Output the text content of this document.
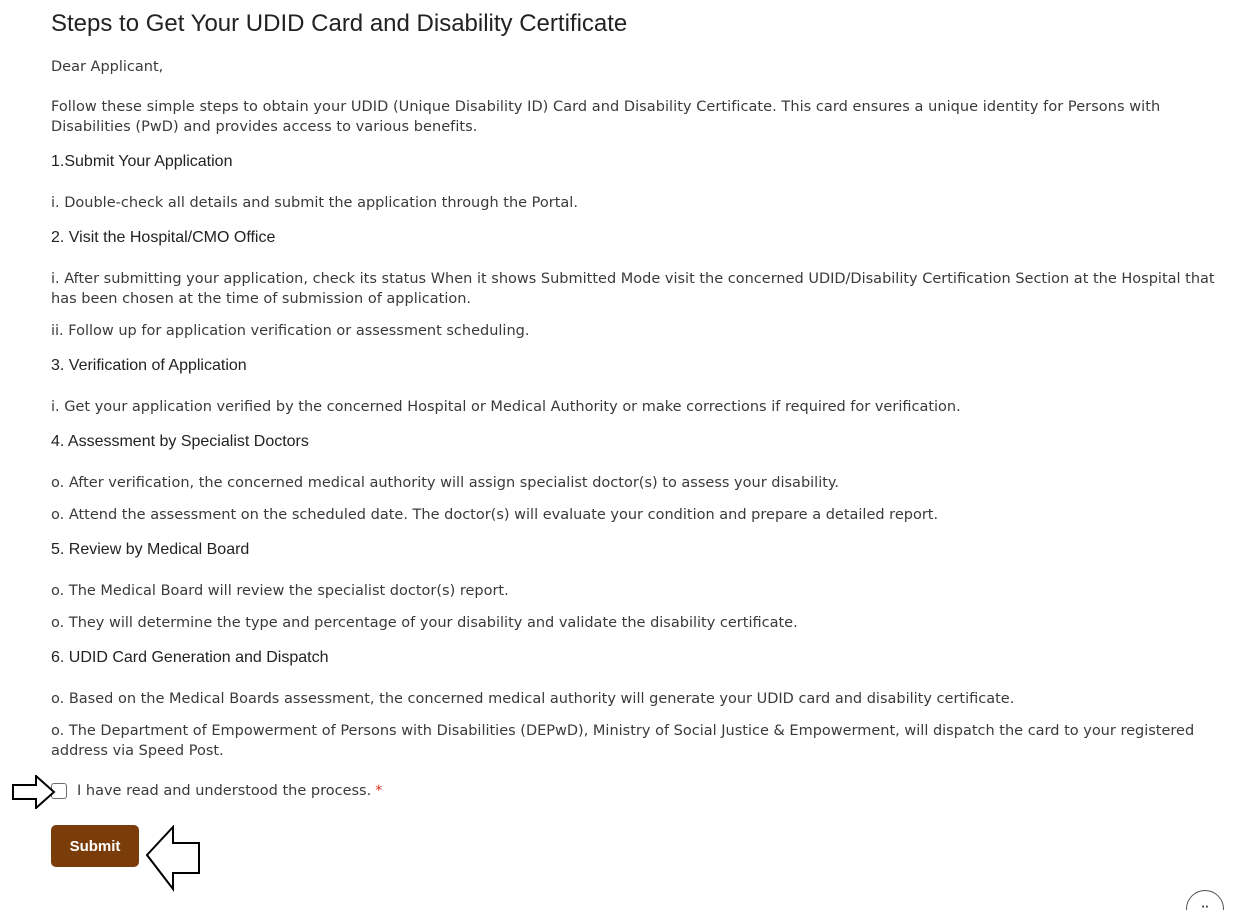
Steps to Get Your UDID Card and Disability Certificate
Dear Applicant,
Follow these simple steps to obtain your UDID (Unique Disability ID) Card and Disability Certificate. This card ensures a unique identity for Persons with Disabilities (PwD) and provides access to various benefits.
1.Submit Your Application
i. Double-check all details and submit the application through the Portal.
2. Visit the Hospital/CMO Office
i. After submitting your application, check its status When it shows Submitted Mode visit the concerned UDID/Disability Certification Section at the Hospital that has been chosen at the time of submission of application.
ii. Follow up for application verification or assessment scheduling.
3. Verification of Application
i. Get your application verified by the concerned Hospital or Medical Authority or make corrections if required for verification.
4. Assessment by Specialist Doctors
o. After verification, the concerned medical authority will assign specialist doctor(s) to assess your disability.
o. Attend the assessment on the scheduled date. The doctor(s) will evaluate your condition and prepare a detailed report.
5. Review by Medical Board
o. The Medical Board will review the specialist doctor(s) report.
o. They will determine the type and percentage of your disability and validate the disability certificate.
6. UDID Card Generation and Dispatch
o. Based on the Medical Boards assessment, the concerned medical authority will generate your UDID card and disability certificate.
o. The Department of Empowerment of Persons with Disabilities (DEPwD), Ministry of Social Justice & Empowerment, will dispatch the card to your registered address via Speed Post.
I have read and understood the process. *
Submit
··
